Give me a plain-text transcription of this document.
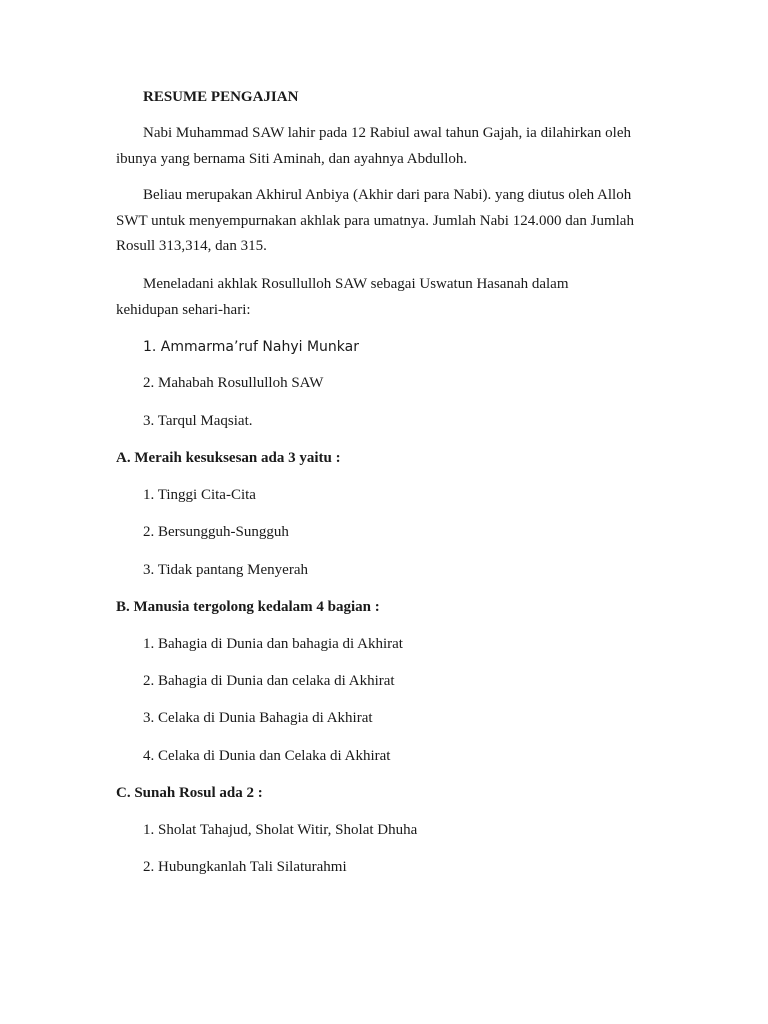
RESUME PENGAJIAN
Nabi Muhammad SAW lahir pada 12 Rabiul awal tahun Gajah, ia dilahirkan oleh
ibunya yang bernama Siti Aminah, dan ayahnya Abdulloh.
Beliau merupakan Akhirul Anbiya (Akhir dari para Nabi). yang diutus oleh Alloh
SWT untuk menyempurnakan akhlak para umatnya. Jumlah Nabi 124.000 dan Jumlah
Rosull 313,314, dan 315.
Meneladani akhlak Rosullulloh SAW sebagai Uswatun Hasanah dalam
kehidupan sehari-hari:
1. Ammarma’ruf Nahyi Munkar
2. Mahabah Rosullulloh SAW
3. Tarqul Maqsiat.
A. Meraih kesuksesan ada 3 yaitu :
1. Tinggi Cita-Cita
2. Bersungguh-Sungguh
3. Tidak pantang Menyerah
B. Manusia tergolong kedalam 4 bagian :
1. Bahagia di Dunia dan bahagia di Akhirat
2. Bahagia di Dunia dan celaka di Akhirat
3. Celaka di Dunia Bahagia di Akhirat
4. Celaka di Dunia dan Celaka di Akhirat
C. Sunah Rosul ada 2 :
1. Sholat Tahajud, Sholat Witir, Sholat Dhuha
2. Hubungkanlah Tali Silaturahmi
